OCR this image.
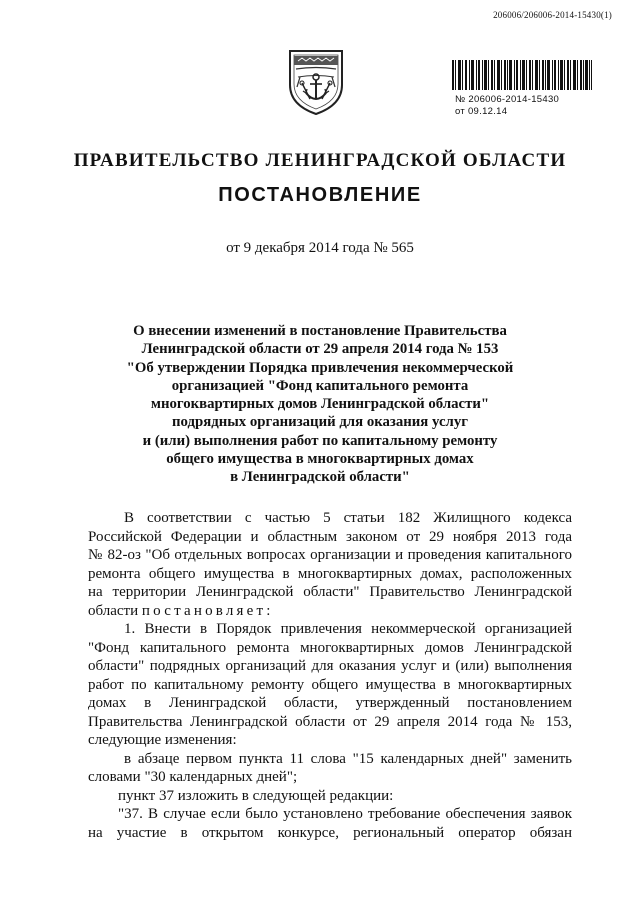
206006/206006-2014-15430(1)
№ 206006-2014-15430
от 09.12.14
ПРАВИТЕЛЬСТВО ЛЕНИНГРАДСКОЙ ОБЛАСТИ
ПОСТАНОВЛЕНИЕ
от 9 декабря 2014 года № 565
О внесении изменений в постановление Правительства
Ленинградской области от 29 апреля 2014 года № 153
"Об утверждении Порядка привлечения некоммерческой
организацией "Фонд капитального ремонта
многоквартирных домов Ленинградской области"
подрядных организаций для оказания услуг
и (или) выполнения работ по капитальному ремонту
общего имущества в многоквартирных домах
в Ленинградской области"
В соответствии с частью 5 статьи 182 Жилищного кодекса
Российской Федерации и областным законом от 29 ноября 2013 года
№ 82-оз "Об отдельных вопросах организации и проведения капитального
ремонта общего имущества в многоквартирных домах, расположенных
на территории Ленинградской области" Правительство Ленинградской
области постановляет:
1. Внести в Порядок привлечения некоммерческой организацией
"Фонд капитального ремонта многоквартирных домов Ленинградской
области" подрядных организаций для оказания услуг и (или) выполнения
работ по капитальному ремонту общего имущества в многоквартирных
домах в Ленинградской области, утвержденный постановлением
Правительства Ленинградской области от 29 апреля 2014 года № 153,
следующие изменения:
в абзаце первом пункта 11 слова "15 календарных дней" заменить
словами "30 календарных дней";
пункт 37 изложить в следующей редакции:
"37. В случае если было установлено требование обеспечения заявок
на участие в открытом конкурсе, региональный оператор обязан
